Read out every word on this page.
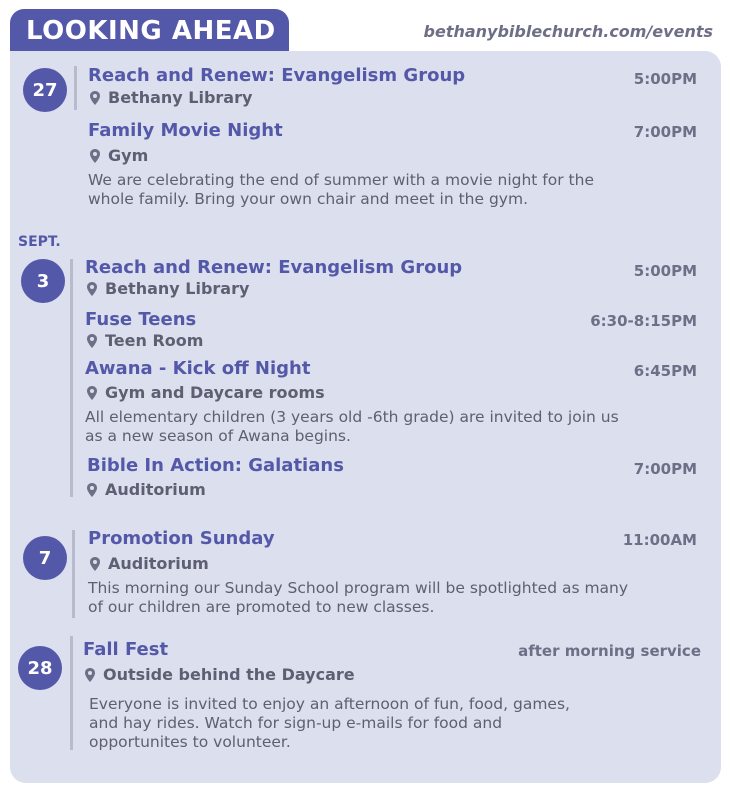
LOOKING AHEAD	bethanybiblechurch.com/events
27
Reach and Renew: Evangelism Group	5:00PM
Bethany Library
Family Movie Night	7:00PM
Gym
We are celebrating the end of summer with a movie night for the
whole family. Bring your own chair and meet in the gym.
SEPT.
3
Reach and Renew: Evangelism Group	5:00PM
Bethany Library
Fuse Teens	6:30-8:15PM
Teen Room
Awana - Kick off Night	6:45PM
Gym and Daycare rooms
All elementary children (3 years old -6th grade) are invited to join us
as a new season of Awana begins.
Bible In Action: Galatians	7:00PM
Auditorium
7
Promotion Sunday	11:00AM
Auditorium
This morning our Sunday School program will be spotlighted as many
of our children are promoted to new classes.
28
Fall Fest	after morning service
Outside behind the Daycare
Everyone is invited to enjoy an afternoon of fun, food, games,
and hay rides. Watch for sign-up e-mails for food and
opportunites to volunteer.
